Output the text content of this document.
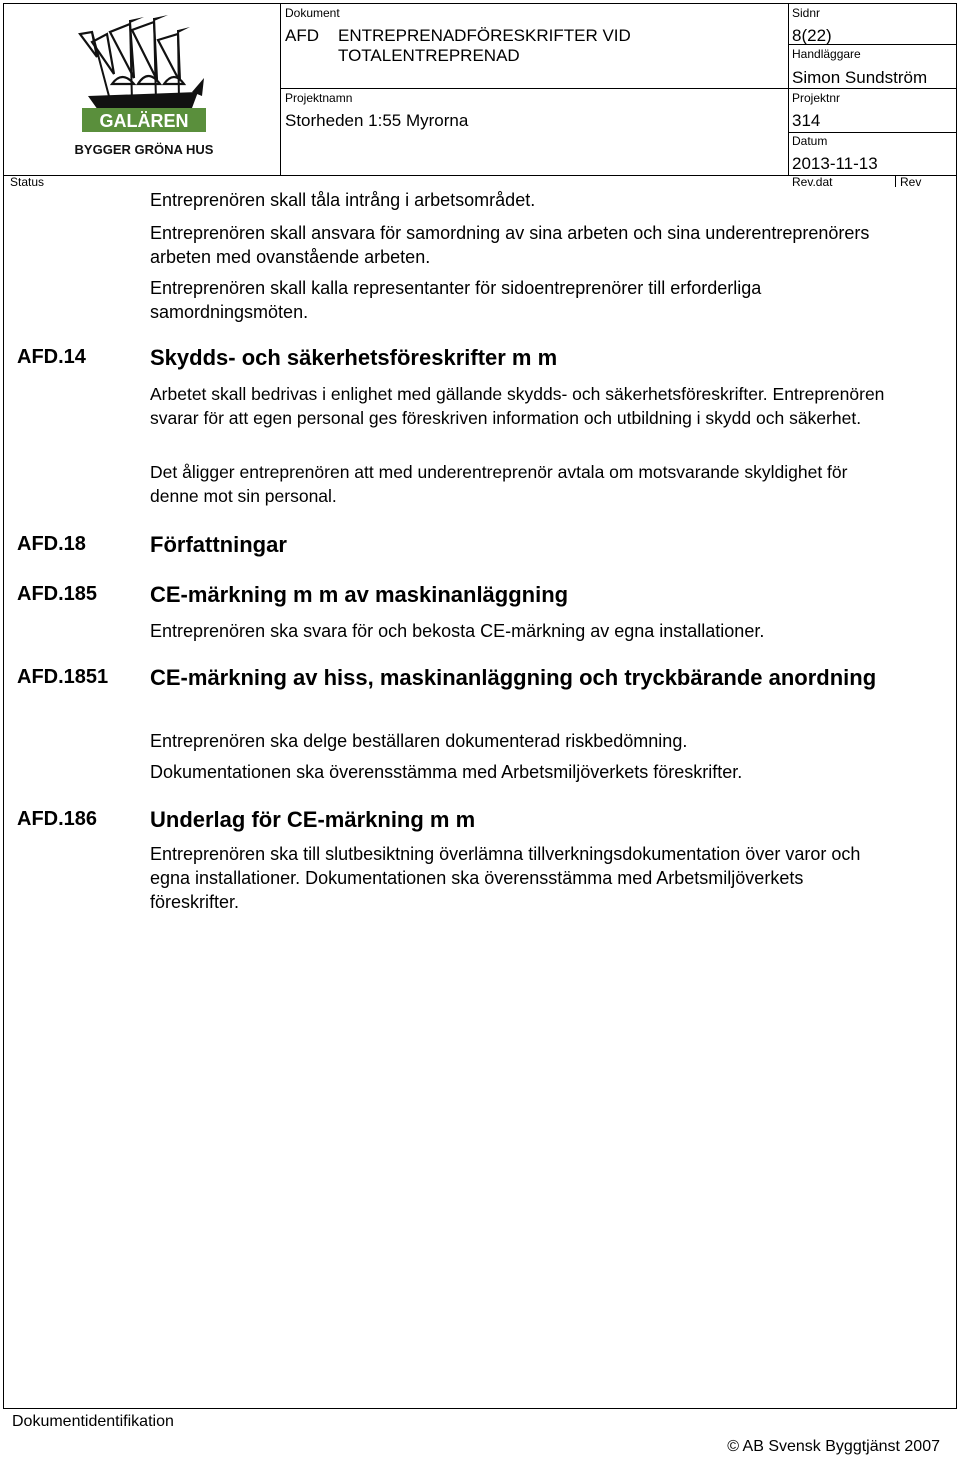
GALÄREN
BYGGER GRÖNA HUS
Dokument
AFD ENTREPRENADFÖRESKRIFTER VID
TOTALENTREPRENAD
Sidnr
8(22)
Handläggare
Simon Sundström
Projektnamn
Storheden 1:55 Myrorna
Projektnr
314
Datum
2013-11-13
Status	Rev.dat	Rev
Entreprenören skall tåla intrång i arbetsområdet.
Entreprenören skall ansvara för samordning av sina arbeten och sina underentreprenörers arbeten med ovanstående arbeten.
Entreprenören skall kalla representanter för sidoentreprenörer till erforderliga samordningsmöten.
AFD.14	Skydds- och säkerhetsföreskrifter m m
Arbetet skall bedrivas i enlighet med gällande skydds- och säkerhetsföreskrifter. Entreprenören svarar för att egen personal ges föreskriven information och utbildning i skydd och säkerhet.
Det åligger entreprenören att med underentreprenör avtala om motsvarande skyldighet för denne mot sin personal.
AFD.18	Författningar
AFD.185 CE-märkning m m av maskinanläggning
Entreprenören ska svara för och bekosta CE-märkning av egna installationer.
AFD.1851 CE-märkning av hiss, maskinanläggning och tryckbärande anordning
Entreprenören ska delge beställaren dokumenterad riskbedömning.
Dokumentationen ska överensstämma med Arbetsmiljöverkets föreskrifter.
AFD.186 Underlag för CE-märkning m m
Entreprenören ska till slutbesiktning överlämna tillverkningsdokumentation över varor och egna installationer. Dokumentationen ska överensstämma med Arbetsmiljöverkets föreskrifter.
Dokumentidentifikation
© AB Svensk Byggtjänst 2007
